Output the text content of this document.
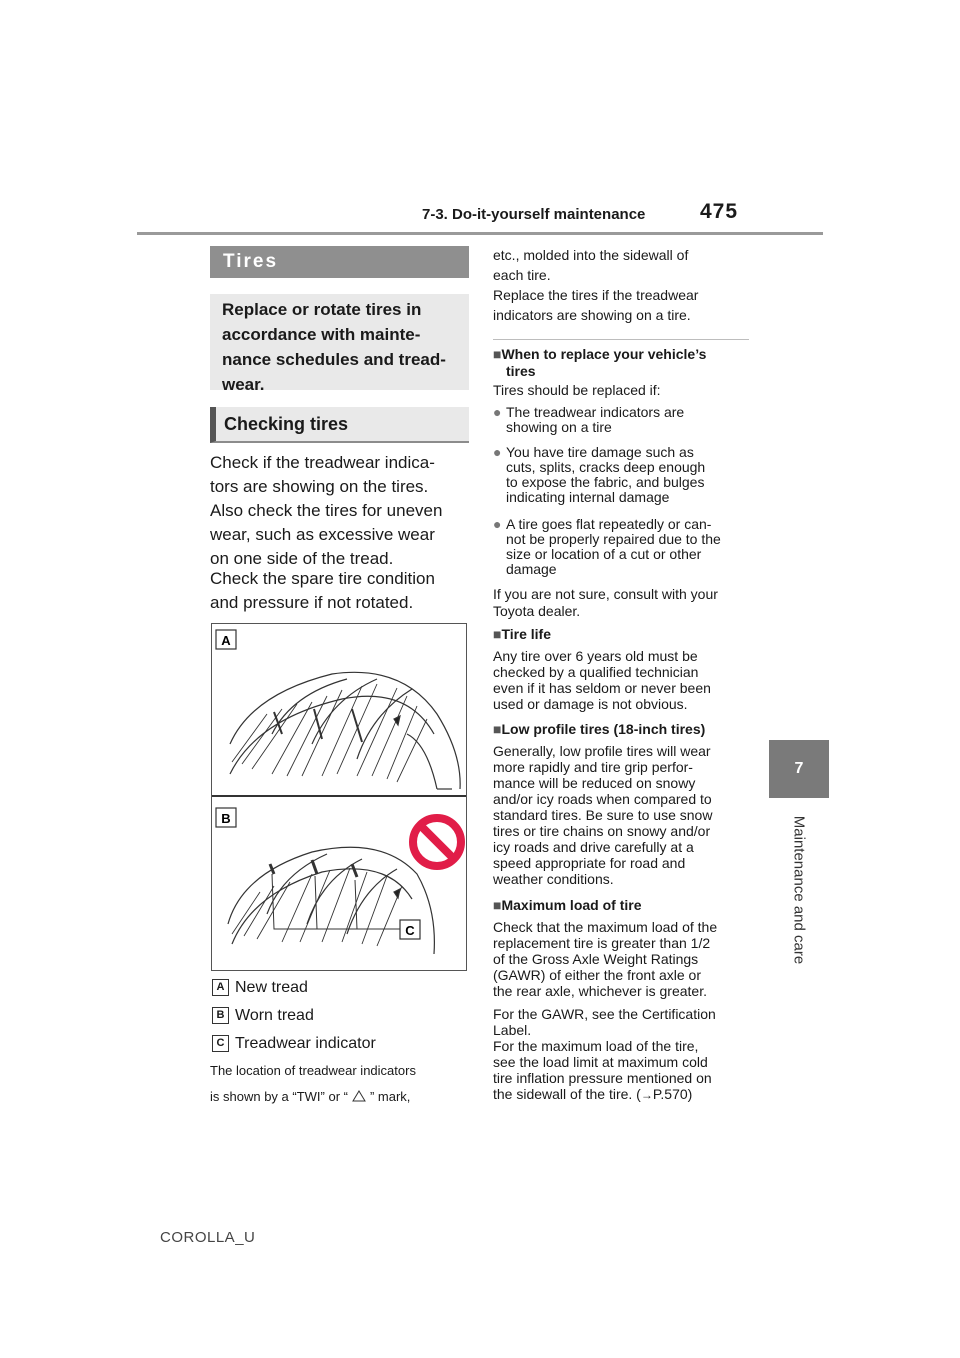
7-3. Do-it-yourself maintenance	475
7
Maintenance and care
Tires
Replace or rotate tires in accordance with mainte- nance schedules and tread- wear.
Checking tires
Check if the treadwear indica-
tors are showing on the tires.
Also check the tires for uneven
wear, such as excessive wear
on one side of the tread.
Check the spare tire condition
and pressure if not rotated.
A
B
C
A New tread
B Worn tread
C Treadwear indicator
The location of treadwear indicators
is shown by a “TWI” or “ ” mark,
etc., molded into the sidewall of
each tire.
Replace the tires if the treadwear
indicators are showing on a tire.
■When to replace your vehicle’s
tires
Tires should be replaced if:
● The treadwear indicators are
showing on a tire
● You have tire damage such as
cuts, splits, cracks deep enough
to expose the fabric, and bulges
indicating internal damage
● A tire goes flat repeatedly or can-
not be properly repaired due to the
size or location of a cut or other
damage
If you are not sure, consult with your
Toyota dealer.
■Tire life
Any tire over 6 years old must be
checked by a qualified technician
even if it has seldom or never been
used or damage is not obvious.
■Low profile tires (18-inch tires)
Generally, low profile tires will wear
more rapidly and tire grip perfor-
mance will be reduced on snowy
and/or icy roads when compared to
standard tires. Be sure to use snow
tires or tire chains on snowy and/or
icy roads and drive carefully at a
speed appropriate for road and
weather conditions.
■Maximum load of tire
Check that the maximum load of the
replacement tire is greater than 1/2
of the Gross Axle Weight Ratings
(GAWR) of either the front axle or
the rear axle, whichever is greater.
For the GAWR, see the Certification
Label.
For the maximum load of the tire,
see the load limit at maximum cold
tire inflation pressure mentioned on
the sidewall of the tire. (→P.570)
COROLLA_U
